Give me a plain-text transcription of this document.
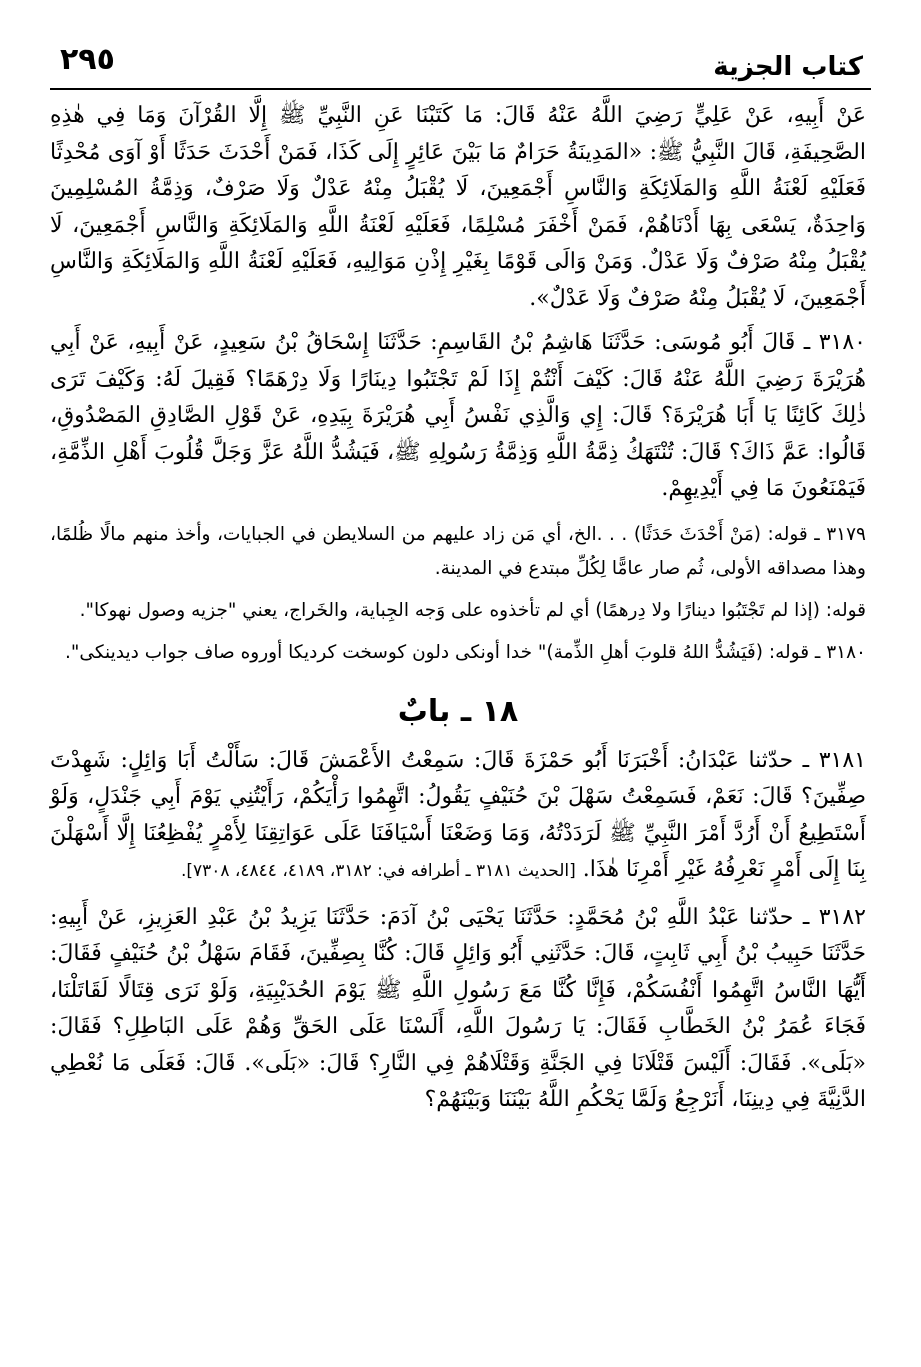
٢٩٥	كتاب الجزية

عَنْ أَبِيهِ، عَنْ عَلِيٍّ رَضِيَ اللَّهُ عَنْهُ قَالَ: مَا كَتَبْنَا عَنِ النَّبِيِّ ﷺ إِلَّا القُرْآنَ وَمَا فِي هٰذِهِ الصَّحِيفَةِ، قَالَ النَّبِيُّ ﷺ: «المَدِينَةُ حَرَامٌ مَا بَيْنَ عَائِرٍ إِلَى كَذَا، فَمَنْ أَحْدَثَ حَدَثًا أَوْ آوَى مُحْدِثًا فَعَلَيْهِ لَعْنَةُ اللَّهِ وَالمَلَائِكَةِ وَالنَّاسِ أَجْمَعِينَ، لَا يُقْبَلُ مِنْهُ عَدْلٌ وَلَا صَرْفٌ، وَذِمَّةُ المُسْلِمِينَ وَاحِدَةٌ، يَسْعَى بِهَا أَدْنَاهُمْ، فَمَنْ أَخْفَرَ مُسْلِمًا، فَعَلَيْهِ لَعْنَةُ اللَّهِ وَالمَلَائِكَةِ وَالنَّاسِ أَجْمَعِينَ، لَا يُقْبَلُ مِنْهُ صَرْفٌ وَلَا عَدْلٌ. وَمَنْ وَالَى قَوْمًا بِغَيْرِ إِذْنِ مَوَالِيهِ، فَعَلَيْهِ لَعْنَةُ اللَّهِ وَالمَلَائِكَةِ وَالنَّاسِ أَجْمَعِينَ، لَا يُقْبَلُ مِنْهُ صَرْفٌ وَلَا عَدْلٌ».

٣١٨٠ ـ قَالَ أَبُو مُوسَى: حَدَّثَنَا هَاشِمُ بْنُ القَاسِمِ: حَدَّثَنَا إِسْحَاقُ بْنُ سَعِيدٍ، عَنْ أَبِيهِ، عَنْ أَبِي هُرَيْرَةَ رَضِيَ اللَّهُ عَنْهُ قَالَ: كَيْفَ أَنْتُمْ إِذَا لَمْ تَجْتَبُوا دِينَارًا وَلَا دِرْهَمًا؟ فَقِيلَ لَهُ: وَكَيْفَ تَرَى ذٰلِكَ كَائِنًا يَا أَبَا هُرَيْرَةَ؟ قَالَ: إِي وَالَّذِي نَفْسُ أَبِي هُرَيْرَةَ بِيَدِهِ، عَنْ قَوْلِ الصَّادِقِ المَصْدُوقِ، قَالُوا: عَمَّ ذَاكَ؟ قَالَ: تُنْتَهَكُ ذِمَّةُ اللَّهِ وَذِمَّةُ رَسُولِهِ ﷺ، فَيَشُدُّ اللَّهُ عَزَّ وَجَلَّ قُلُوبَ أَهْلِ الذِّمَّةِ، فَيَمْنَعُونَ مَا فِي أَيْدِيهِمْ.

٣١٧٩ ـ قوله: (مَنْ أَحْدَثَ حَدَثًا) . . .الخ، أي مَن زاد عليهم من السلايطن في الجبايات، وأخذ منهم مالًا ظُلمًا، وهذا مصداقه الأولى، ثُم صار عامًّا لِكُلِّ مبتدع في المدينة.

قوله: (إذا لم تَجْتَبُوا دينارًا ولا دِرهمًا) أي لم تأخذوه على وَجه الجِباية، والخَراج، يعني "جزيه وصول نهوكا".

٣١٨٠ ـ قوله: (فَيَشُدُّ اللهُ قلوبَ أهلِ الذِّمة)" خدا أونكى دلون كوسخت كرديكا أوروه صاف جواب ديدينكى".

١٨ ـ بابٌ

٣١٨١ ـ حدّثنا عَبْدَانُ: أَخْبَرَنَا أَبُو حَمْزَةَ قَالَ: سَمِعْتُ الأَعْمَشَ قَالَ: سَأَلْتُ أَبَا وَائِلٍ: شَهِدْتَ صِفِّينَ؟ قَالَ: نَعَمْ، فَسَمِعْتُ سَهْلَ بْنَ حُنَيْفٍ يَقُولُ: اتَّهِمُوا رَأْيَكُمْ، رَأَيْتُنِي يَوْمَ أَبِي جَنْدَلٍ، وَلَوْ أَسْتَطِيعُ أَنْ أَرُدَّ أَمْرَ النَّبِيِّ ﷺ لَرَدَدْتُهُ، وَمَا وَضَعْنَا أَسْيَافَنَا عَلَى عَوَاتِقِنَا لِأَمْرٍ يُفْظِعُنَا إِلَّا أَسْهَلْنَ بِنَا إِلَى أَمْرٍ نَعْرِفُهُ غَيْرِ أَمْرِنَا هٰذَا. [الحديث ٣١٨١ ـ أطرافه في: ٣١٨٢، ٤١٨٩، ٤٨٤٤، ٧٣٠٨].

٣١٨٢ ـ حدّثنا عَبْدُ اللَّهِ بْنُ مُحَمَّدٍ: حَدَّثَنَا يَحْيَى بْنُ آدَمَ: حَدَّثَنَا يَزِيدُ بْنُ عَبْدِ العَزِيزِ، عَنْ أَبِيهِ: حَدَّثَنَا حَبِيبُ بْنُ أَبِي ثَابِتٍ، قَالَ: حَدَّثَنِي أَبُو وَائِلٍ قَالَ: كُنَّا بِصِفِّينَ، فَقَامَ سَهْلُ بْنُ حُنَيْفٍ فَقَالَ: أَيُّهَا النَّاسُ اتَّهِمُوا أَنْفُسَكُمْ، فَإِنَّا كُنَّا مَعَ رَسُولِ اللَّهِ ﷺ يَوْمَ الحُدَيْبِيَةِ، وَلَوْ نَرَى قِتَالًا لَقَاتَلْنَا، فَجَاءَ عُمَرُ بْنُ الخَطَّابِ فَقَالَ: يَا رَسُولَ اللَّهِ، أَلَسْنَا عَلَى الحَقِّ وَهُمْ عَلَى البَاطِلِ؟ فَقَالَ: «بَلَى». فَقَالَ: أَلَيْسَ قَتْلَانَا فِي الجَنَّةِ وَقَتْلَاهُمْ فِي النَّارِ؟ قَالَ: «بَلَى». قَالَ: فَعَلَى مَا نُعْطِي الدَّنِيَّةَ فِي دِينِنَا، أَنَرْجِعُ وَلَمَّا يَحْكُمِ اللَّهُ بَيْنَنَا وَبَيْنَهُمْ؟
